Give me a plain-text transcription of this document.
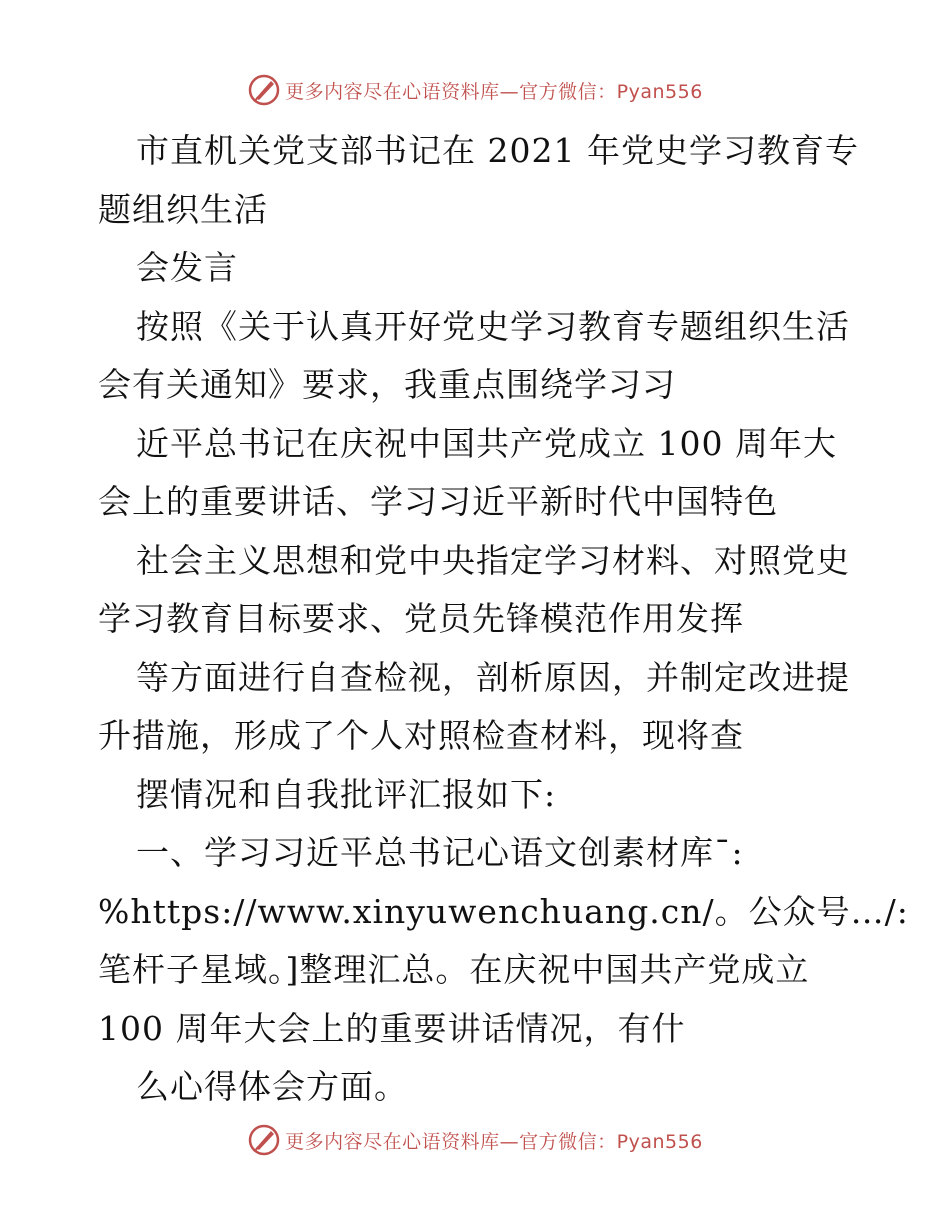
更多内容尽在心语资料库—官方微信：Pyan556
市直机关党支部书记在 2021 年党史学习教育专
题组织生活
会发言
按照《关于认真开好党史学习教育专题组织生活
会有关通知》要求，我重点围绕学习习
近平总书记在庆祝中国共产党成立 100 周年大
会上的重要讲话、学习习近平新时代中国特色
社会主义思想和党中央指定学习材料、对照党史
学习教育目标要求、党员先锋模范作用发挥
等方面进行自查检视，剖析原因，并制定改进提
升措施，形成了个人对照检查材料，现将查
摆情况和自我批评汇报如下:
一、学习习近平总书记心语文创素材库¯:
%https://www.xinyuwenchuang.cn/。公众号…/:
笔杆子星域。]整理汇总。在庆祝中国共产党成立
100 周年大会上的重要讲话情况，有什
么心得体会方面。
更多内容尽在心语资料库—官方微信：Pyan556
